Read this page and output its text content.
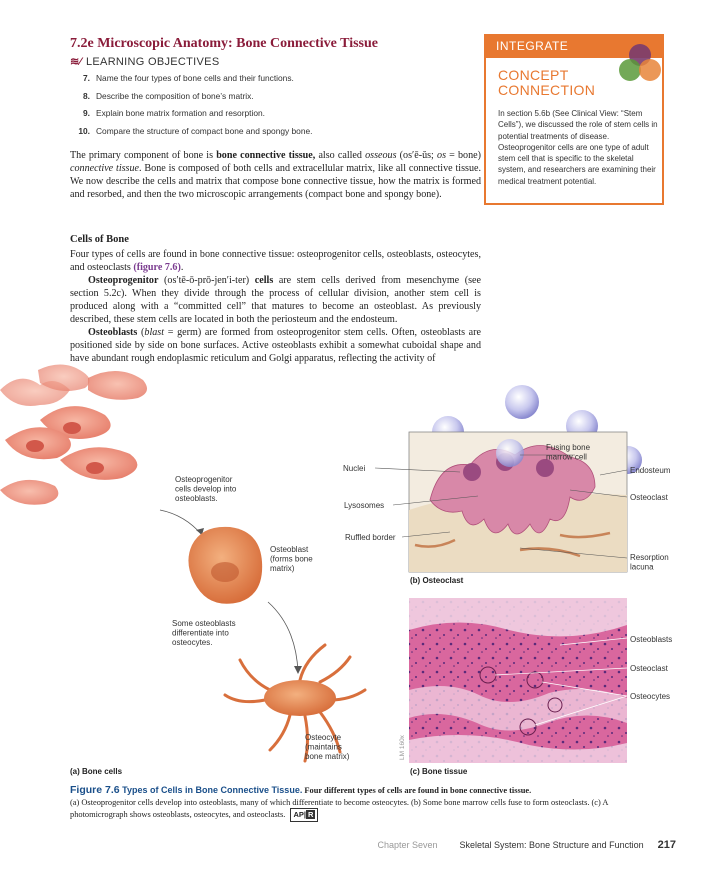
7.2e Microscopic Anatomy: Bone Connective Tissue
≋⁄ LEARNING OBJECTIVES
7. Name the four types of bone cells and their functions.
8. Describe the composition of bone’s matrix.
9. Explain bone matrix formation and resorption.
10. Compare the structure of compact bone and spongy bone.

The primary component of bone is bone connective tissue, also called osseous (os′ē-ŭs; os = bone) connective tissue. Bone is composed of both cells and extracellular matrix, like all connective tissue. We now describe the cells and matrix that compose bone connective tissue, how the matrix is formed and resorbed, and then the two microscopic arrangements (compact bone and spongy bone).

Cells of Bone

Four types of cells are found in bone connective tissue: osteoprogenitor cells, osteoblasts, osteocytes, and osteoclasts (figure 7.6).

Osteoprogenitor (os′tē-ō-prō-jen′i-ter) cells are stem cells derived from mesenchyme (see section 5.2c). When they divide through the process of cellular division, another stem cell is produced along with a “committed cell” that matures to become an osteoblast. As previously described, these stem cells are located in both the periosteum and the endosteum.

Osteoblasts (blast = germ) are formed from osteoprogenitor stem cells. Often, osteoblasts are positioned side by side on bone surfaces. Active osteoblasts exhibit a somewhat cuboidal shape and have abundant rough endoplasmic reticulum and Golgi apparatus, reflecting the activity of

INTEGRATE
CONCEPT
CONNECTION
In section 5.6b (See Clinical View: “Stem Cells”), we discussed the role of stem cells in potential treatments of disease. Osteoprogenitor cells are one type of adult stem cell that is specific to the skeletal system, and researchers are examining their medical treatment potential.
Osteoprogenitor cells develop into osteoblasts.
Osteoblast (forms bone matrix)
Some osteoblasts differentiate into osteocytes.
Osteocyte (maintains bone matrix)
(a) Bone cells
Nuclei
Lysosomes
Ruffled border
Fusing bone marrow cell
Endosteum
Osteoclast
Resorption lacuna
(b) Osteoclast
Osteoblasts
Osteoclast
Osteocytes
LM 160x
(c) Bone tissue
Figure 7.6 Types of Cells in Bone Connective Tissue. Four different types of cells are found in bone connective tissue.
(a) Osteoprogenitor cells develop into osteoblasts, many of which differentiate to become osteocytes. (b) Some bone marrow cells fuse to form osteoclasts. (c) A photomicrograph shows osteoblasts, osteocytes, and osteoclasts. AP| R
Chapter Seven Skeletal System: Bone Structure and Function 217
